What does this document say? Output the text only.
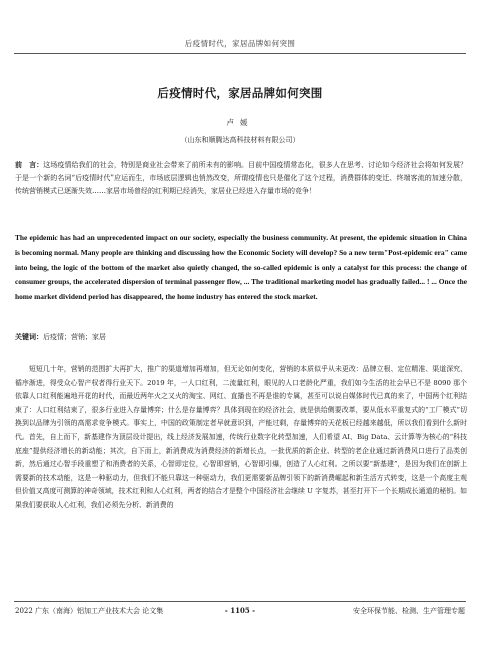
后疫情时代，家居品牌如何突围
后疫情时代，家居品牌如何突围
卢媛
（山东和顺腾达高科技材料有限公司）
前　言：这场疫情给我们的社会，特别是商业社会带来了前所未有的影响。目前中国疫情常态化，很多人在思考、讨论如今经济社会将如何发展？于是一个新的名词“后疫情时代”应运而生，市场底层逻辑也悄然改变，所谓疫情也只是催化了这个过程，消费群体的变迁、终端客流的加速分散，传统营销模式已逐渐失效……家居市场曾经的红利期已经消失，家居业已经进入存量市场的竞争！
The epidemic has had an unprecedented impact on our society, especially the business community. At present, the epidemic situation in China is becoming normal. Many people are thinking and discussing how the Economic Society will develop? So a new term"Post-epidemic era" came into being, the logic of the bottom of the market also quietly changed, the so-called epidemic is only a catalyst for this process: the change of consumer groups, the accelerated dispersion of terminal passenger flow, ... The traditional marketing model has gradually failed... ! ... Once the home market dividend period has disappeared, the home industry has entered the stock market.
关键词：后疫情；营销；家居

短短几十年，营销的范围扩大再扩大，推广的渠道增加再增加，但无论如何变化，营销的本质似乎从未更改：品牌立根、定位精准、渠道深究、循序渐进，得受众心智产权者得行业天下。2019 年，一人口红利，二流量红利，眼见的人口老龄化严重，我们如今生活的社会早已不是 8090 那个依靠人口红利能遍地开花的时代，而最近两年火之又火的淘宝、网红、直播也不再是谁的专属，甚至可以说自媒体时代已真的来了，中国两个红利结束了：人口红利结束了，很多行业进入存量博弈；什么是存量博弈？具体到现在的经济社会，就是供给侧要改革，要从低水平重复式的“工厂模式”切换到以品牌为引领的高需求竞争模式。事实上，中国的政策制定者早就意识到，产能过剩，存量博弈的天花板已经越来越低，所以我们看到什么新时代。首先，自上而下，新基建作为顶层设计提出，线上经济发展加速，传统行业数字化转型加速，人们希望 AI、Big Data、云计算等为核心的“科技底座”提供经济增长的新动能；其次，自下而上，新消费成为消费经济的新增长点，一批优质的新企业、转型的老企业通过新消费风口进行了品类创新，然后通过心智手段重塑了和消费者的关系，心智即定位，心智即营销，心智即引爆，创造了人心红利。之所以要“新基建”，是因为我们在创新上需要新的技术动能，这是一种驱动力，但我们不能只靠这一种驱动力，我们更需要新品牌引领下的新消费崛起和新生活方式转变，这是一个高度主观但价值又高度可测算的神奇领域，技术红利和人心红利，两者的结合才是整个中国经济社会继续 U 字复苏，甚至打开下一个长期成长通道的秘钥。如果我们要获取人心红利，我们必须先分析、新消费的

2022 广东（南海）铝加工产业技术大会 论文集	- 1105 -	安全环保节能、检测、生产管理专题
